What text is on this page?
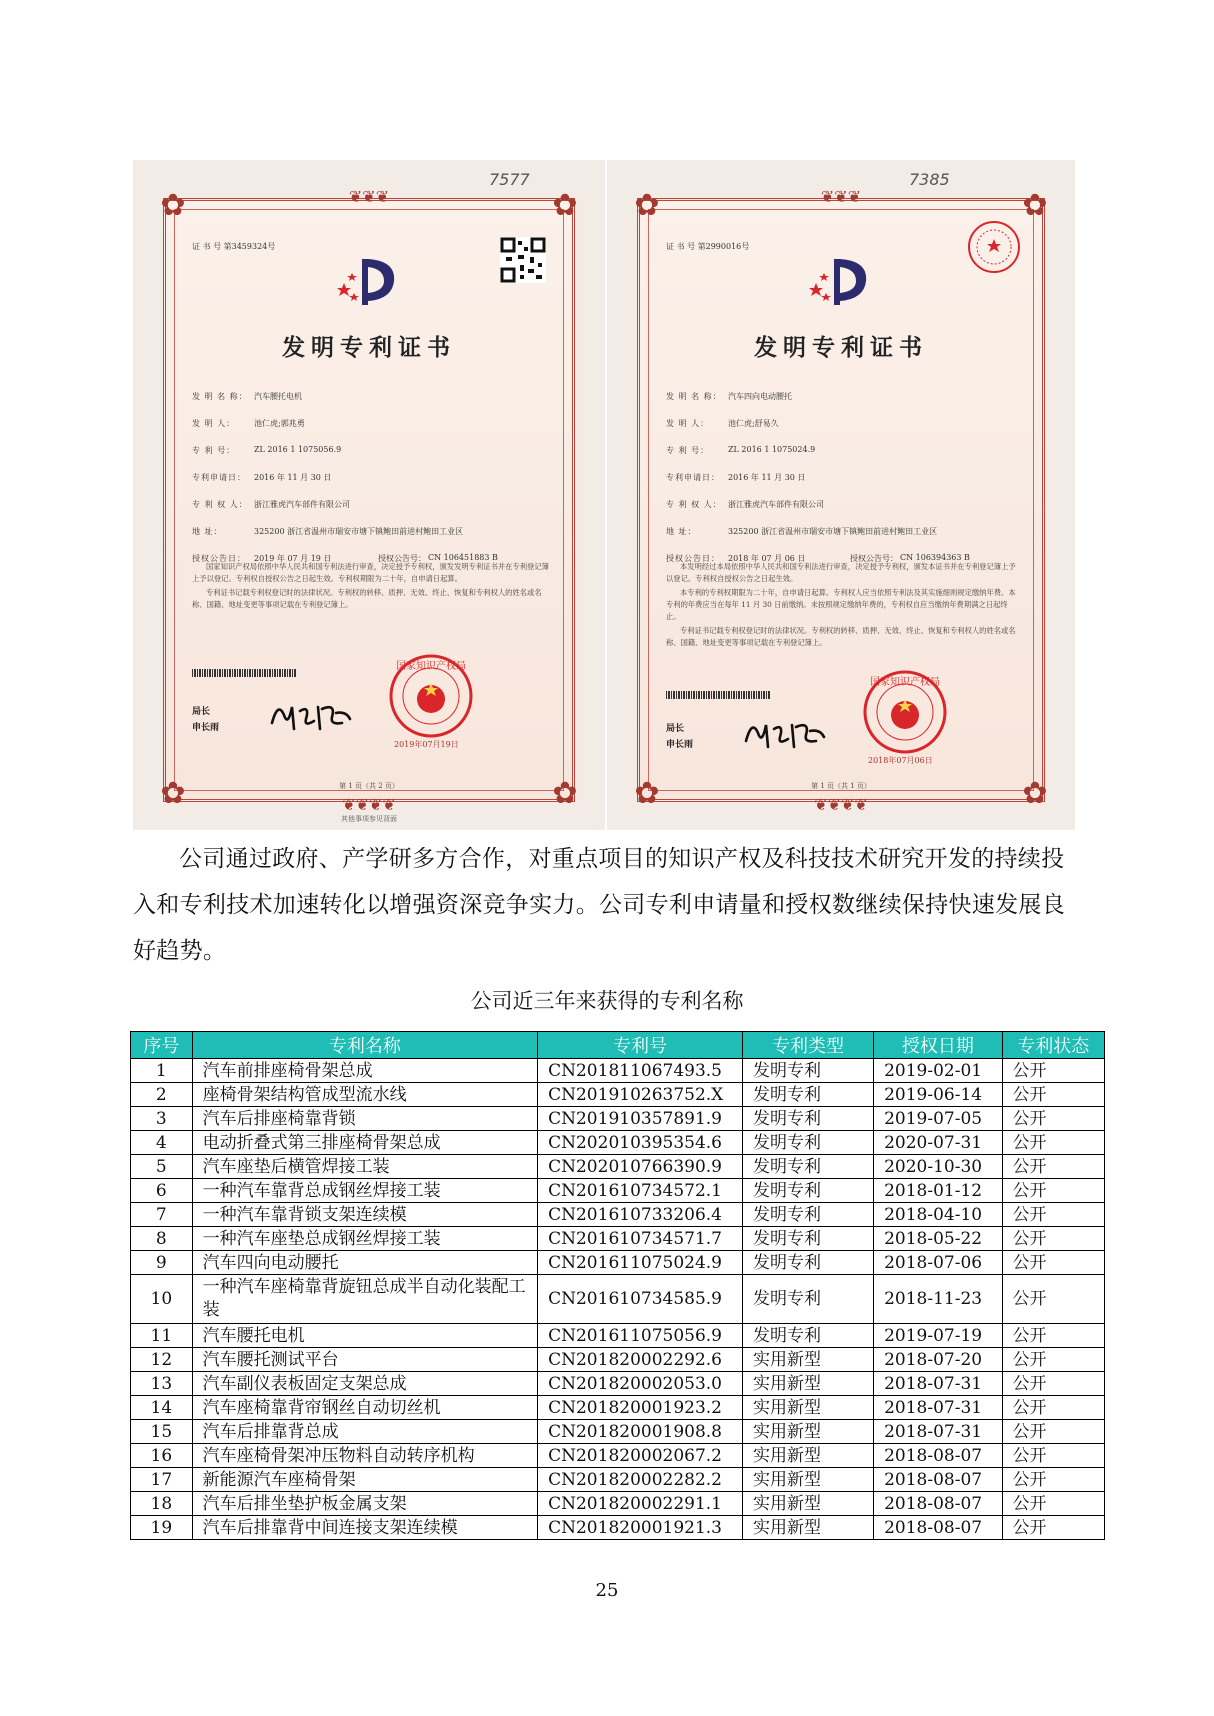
7577
❦❦❦
❦❦❦❦
✿	✿
✿	✿
证 书 号 第3459324号
发明专利证书
发 明 名 称： 汽车腰托电机
发 明 人：	池仁虎;郭兆勇
专 利 号：	ZL 2016 1 1075056.9
专利申请日：	2016 年 11 月 30 日
专 利 权 人： 浙江雅虎汽车部件有限公司
地 址：	325200 浙江省温州市瑞安市塘下镇鲍田前进村鲍田工业区
授权公告日：	2019 年 07 月 19 日	授权公告号： CN 106451883 B

国家知识产权局依照中华人民共和国专利法进行审查，决定授予专利权，颁发发明专利证书并在专利登记簿上予以登记。专利权自授权公告之日起生效。专利权期限为二十年，自申请日起算。

专利证书记载专利权登记时的法律状况。专利权的转移、质押、无效、终止、恢复和专利权人的姓名或名称、国籍、地址变更等事项记载在专利登记簿上。

局长
申长雨
国家知识产权局
2019年07月19日
第 1 页（共 2 页）
其他事项参见背面
7385
❦❦❦
❦❦❦❦
✿	✿
✿	✿
证 书 号 第2990016号
发明专利证书
发 明 名 称： 汽车四向电动腰托
发 明 人：	池仁虎;舒易久
专 利 号：	ZL 2016 1 1075024.9
专利申请日：	2016 年 11 月 30 日
专 利 权 人： 浙江雅虎汽车部件有限公司
地 址：	325200 浙江省温州市瑞安市塘下镇鲍田前进村鲍田工业区
授权公告日：	2018 年 07 月 06 日	授权公告号： CN 106394363 B

本发明经过本局依照中华人民共和国专利法进行审查，决定授予专利权，颁发本证书并在专利登记簿上予以登记。专利权自授权公告之日起生效。

本专利的专利权期限为二十年，自申请日起算。专利权人应当依照专利法及其实施细则规定缴纳年费。本专利的年费应当在每年 11 月 30 日前缴纳。未按照规定缴纳年费的，专利权自应当缴纳年费期满之日起终止。

专利证书记载专利权登记时的法律状况。专利权的转移、质押、无效、终止、恢复和专利权人的姓名或名称、国籍、地址变更等事项记载在专利登记簿上。

局长
申长雨
国家知识产权局
2018年07月06日
第 1 页（共 1 页）

公司通过政府、产学研多方合作，对重点项目的知识产权及科技技术研究开发的持续投入和专利技术加速转化以增强资深竞争实力。公司专利申请量和授权数继续保持快速发展良好趋势。

公司近三年来获得的专利名称
序号	专利名称	专利号	专利类型	授权日期	专利状态
1	汽车前排座椅骨架总成	CN201811067493.5	发明专利	2019-02-01	公开
2	座椅骨架结构管成型流水线	CN201910263752.X	发明专利	2019-06-14	公开
3	汽车后排座椅靠背锁	CN201910357891.9	发明专利	2019-07-05	公开
4	电动折叠式第三排座椅骨架总成	CN202010395354.6	发明专利	2020-07-31	公开
5	汽车座垫后横管焊接工装	CN202010766390.9	发明专利	2020-10-30	公开
6	一种汽车靠背总成钢丝焊接工装	CN201610734572.1	发明专利	2018-01-12	公开
7	一种汽车靠背锁支架连续模	CN201610733206.4	发明专利	2018-04-10	公开
8	一种汽车座垫总成钢丝焊接工装	CN201610734571.7	发明专利	2018-05-22	公开
9	汽车四向电动腰托	CN201611075024.9	发明专利	2018-07-06	公开
10	一种汽车座椅靠背旋钮总成半自动化装配工装	CN201610734585.9	发明专利	2018-11-23	公开
11	汽车腰托电机	CN201611075056.9	发明专利	2019-07-19	公开
12	汽车腰托测试平台	CN201820002292.6	实用新型	2018-07-20	公开
13	汽车副仪表板固定支架总成	CN201820002053.0	实用新型	2018-07-31	公开
14	汽车座椅靠背帘钢丝自动切丝机	CN201820001923.2	实用新型	2018-07-31	公开
15	汽车后排靠背总成	CN201820001908.8	实用新型	2018-07-31	公开
16	汽车座椅骨架冲压物料自动转序机构	CN201820002067.2	实用新型	2018-08-07	公开
17	新能源汽车座椅骨架	CN201820002282.2	实用新型	2018-08-07	公开
18	汽车后排坐垫护板金属支架	CN201820002291.1	实用新型	2018-08-07	公开
19	汽车后排靠背中间连接支架连续模	CN201820001921.3	实用新型	2018-08-07	公开
25
